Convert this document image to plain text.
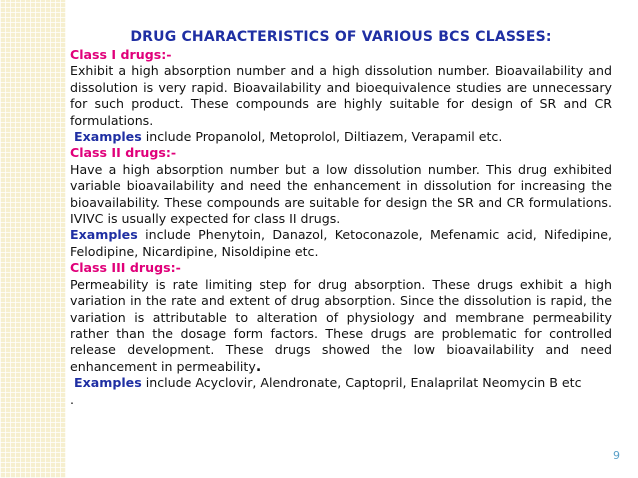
DRUG CHARACTERISTICS OF VARIOUS BCS CLASSES:
Class I drugs:-

Exhibit a high absorption number and a high dissolution number. Bioavailability and dissolution is very rapid. Bioavailability and bioequivalence studies are unnecessary for such product. These compounds are highly suitable for design of SR and CR formulations.

Examples include Propanolol, Metoprolol, Diltiazem, Verapamil etc.

Class II drugs:-

Have a high absorption number but a low dissolution number. This drug exhibited variable bioavailability and need the enhancement in dissolution for increasing the bioavailability. These compounds are suitable for design the SR and CR formulations. IVIVC is usually expected for class II drugs.

Examples include Phenytoin, Danazol, Ketoconazole, Mefenamic acid, Nifedipine, Felodipine, Nicardipine, Nisoldipine etc.

Class III drugs:-

Permeability is rate limiting step for drug absorption. These drugs exhibit a high variation in the rate and extent of drug absorption. Since the dissolution is rapid, the variation is attributable to alteration of physiology and membrane permeability rather than the dosage form factors. These drugs are problematic for controlled release development. These drugs showed the low bioavailability and need enhancement in permeability.

Examples include Acyclovir, Alendronate, Captopril, Enalaprilat Neomycin B etc

.

9
